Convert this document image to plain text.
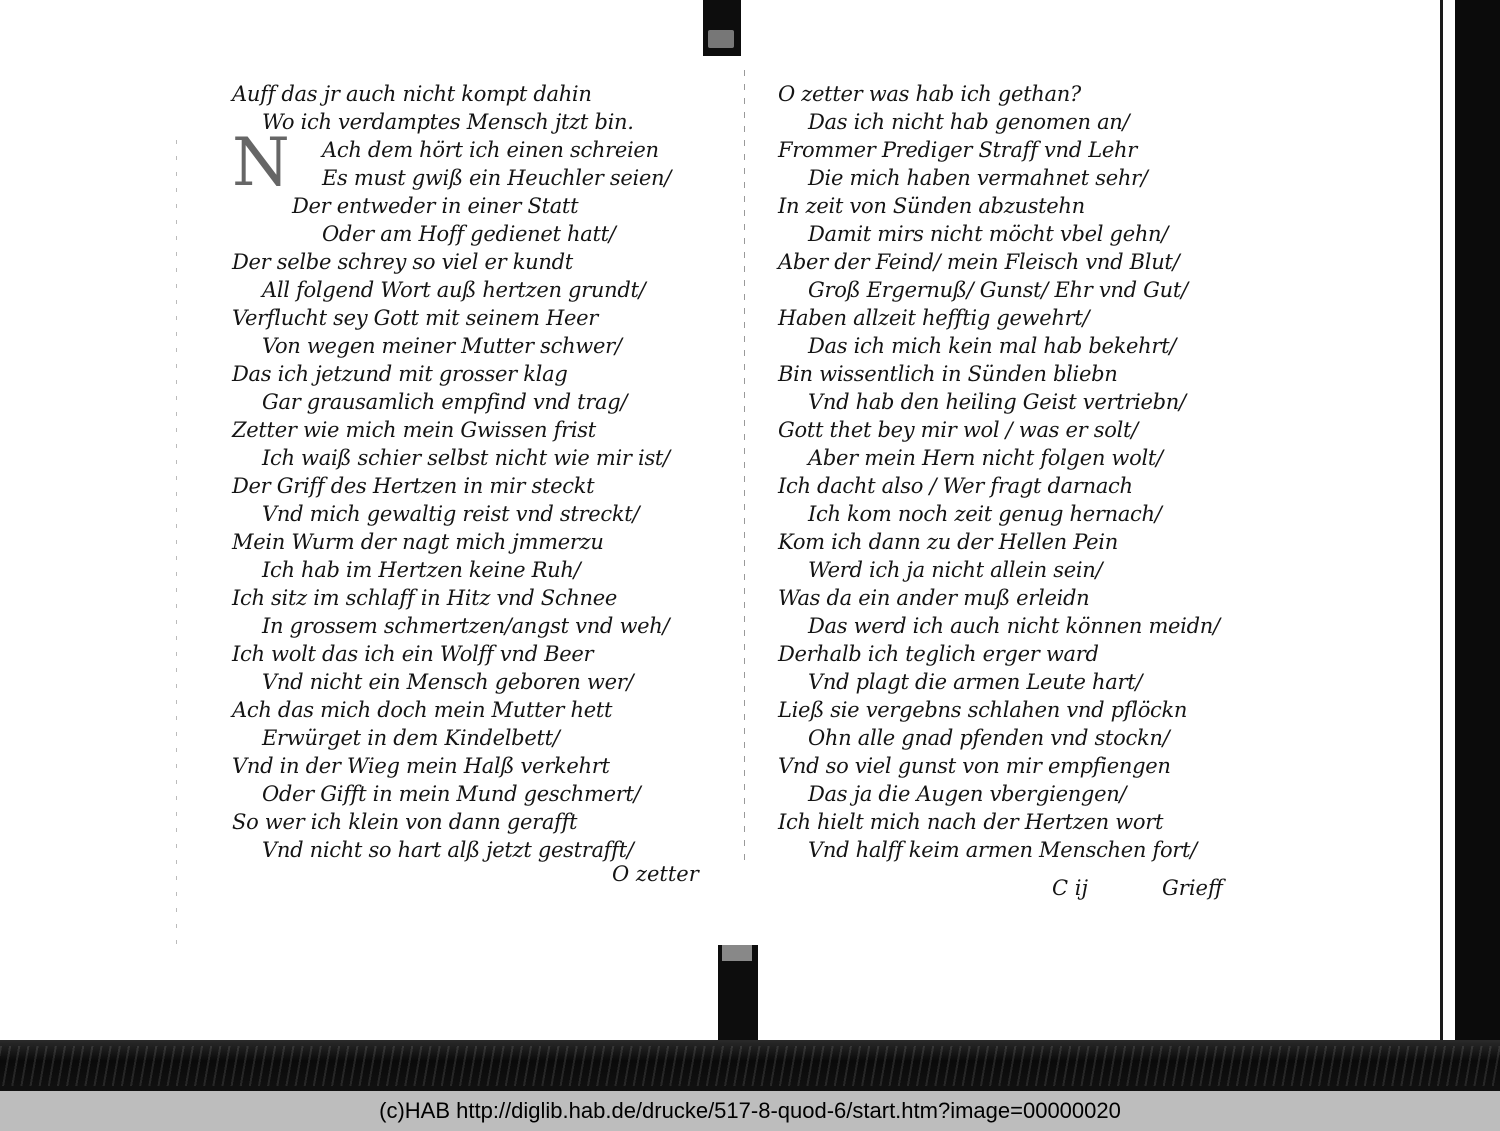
Auff das jr auch nicht kompt dahin
Wo ich verdamptes Mensch jtzt bin.
N Ach dem hört ich einen schreien
Es must gwiß ein Heuchler seien/
Der entweder in einer Statt
Oder am Hoff gedienet hatt/
Der selbe schrey so viel er kundt
All folgend Wort auß hertzen grundt/
Verflucht sey Gott mit seinem Heer
Von wegen meiner Mutter schwer/
Das ich jetzund mit grosser klag
Gar grausamlich empfind vnd trag/
Zetter wie mich mein Gwissen frist
Ich waiß schier selbst nicht wie mir ist/
Der Griff des Hertzen in mir steckt
Vnd mich gewaltig reist vnd streckt/
Mein Wurm der nagt mich jmmerzu
Ich hab im Hertzen keine Ruh/
Ich sitz im schlaff in Hitz vnd Schnee
In grossem schmertzen/angst vnd weh/
Ich wolt das ich ein Wolff vnd Beer
Vnd nicht ein Mensch geboren wer/
Ach das mich doch mein Mutter hett
Erwürget in dem Kindelbett/
Vnd in der Wieg mein Halß verkehrt
Oder Gifft in mein Mund geschmert/
So wer ich klein von dann gerafft
Vnd nicht so hart alß jetzt gestrafft/
O zetter
O zetter was hab ich gethan?
Das ich nicht hab genomen an/
Frommer Prediger Straff vnd Lehr
Die mich haben vermahnet sehr/
In zeit von Sünden abzustehn
Damit mirs nicht möcht vbel gehn/
Aber der Feind/ mein Fleisch vnd Blut/
Groß Ergernuß/ Gunst/ Ehr vnd Gut/
Haben allzeit hefftig gewehrt/
Das ich mich kein mal hab bekehrt/
Bin wissentlich in Sünden bliebn
Vnd hab den heiling Geist vertriebn/
Gott thet bey mir wol / was er solt/
Aber mein Hern nicht folgen wolt/
Ich dacht also / Wer fragt darnach
Ich kom noch zeit genug hernach/
Kom ich dann zu der Hellen Pein
Werd ich ja nicht allein sein/
Was da ein ander muß erleidn
Das werd ich auch nicht können meidn/
Derhalb ich teglich erger ward
Vnd plagt die armen Leute hart/
Ließ sie vergebns schlahen vnd pflöckn
Ohn alle gnad pfenden vnd stockn/
Vnd so viel gunst von mir empfiengen
Das ja die Augen vbergiengen/
Ich hielt mich nach der Hertzen wort
Vnd halff keim armen Menschen fort/
C ij	Grieff
(c)HAB http://diglib.hab.de/drucke/517-8-quod-6/start.htm?image=00000020
